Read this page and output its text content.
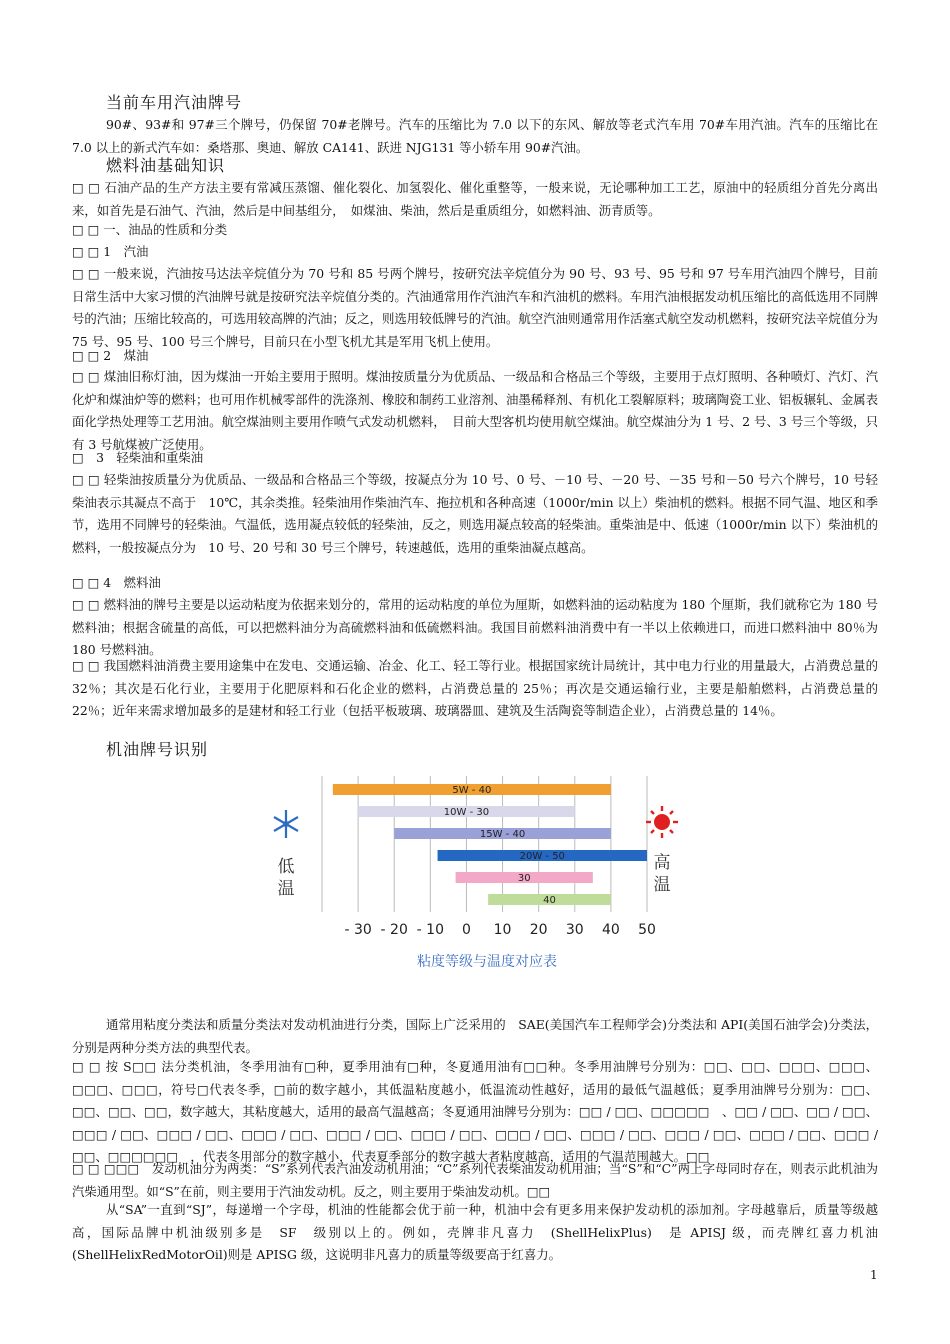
当前车用汽油牌号

90#、93#和 97#三个牌号，仍保留 70#老牌号。汽车的压缩比为 7.0 以下的东风、解放等老式汽车用 70#车用汽油。汽车的压缩比在 7.0 以上的新式汽车如：桑塔那、奥迪、解放 CA141、跃进 NJG131 等小轿车用 90#汽油。

燃料油基础知识

□ □ 石油产品的生产方法主要有常减压蒸馏、催化裂化、加氢裂化、催化重整等，一般来说，无论哪种加工工艺，原油中的轻质组分首先分离出来，如首先是石油气、汽油，然后是中间基组分，　如煤油、柴油，然后是重质组分，如燃料油、沥青质等。

□ □ 一、油品的性质和分类

□ □ 1　汽油

□ □ 一般来说，汽油按马达法辛烷值分为 70 号和 85 号两个牌号，按研究法辛烷值分为 90 号、93 号、95 号和 97 号车用汽油四个牌号，目前日常生活中大家习惯的汽油牌号就是按研究法辛烷值分类的。汽油通常用作汽油汽车和汽油机的燃料。车用汽油根据发动机压缩比的高低选用不同牌号的汽油；压缩比较高的，可选用较高牌的汽油；反之，则选用较低牌号的汽油。航空汽油则通常用作活塞式航空发动机燃料，按研究法辛烷值分为 75 号、95 号、100 号三个牌号，目前只在小型飞机尤其是军用飞机上使用。

□ □ 2　煤油

□ □ 煤油旧称灯油，因为煤油一开始主要用于照明。煤油按质量分为优质品、一级品和合格品三个等级，主要用于点灯照明、各种喷灯、汽灯、汽化炉和煤油炉等的燃料；也可用作机械零部件的洗涤剂、橡胶和制药工业溶剂、油墨稀释剂、有机化工裂解原料；玻璃陶瓷工业、铝板辗轧、金属表面化学热处理等工艺用油。航空煤油则主要用作喷气式发动机燃料，　目前大型客机均使用航空煤油。航空煤油分为 1 号、2 号、3 号三个等级，只有 3 号航煤被广泛使用。

□　3　轻柴油和重柴油

□ □ 轻柴油按质量分为优质品、一级品和合格品三个等级，按凝点分为 10 号、0 号、－10 号、－20 号、－35 号和－50 号六个牌号，10 号轻柴油表示其凝点不高于　10℃，其余类推。轻柴油用作柴油汽车、拖拉机和各种高速（1000r/min 以上）柴油机的燃料。根据不同气温、地区和季节，选用不同牌号的轻柴油。气温低，选用凝点较低的轻柴油，反之，则选用凝点较高的轻柴油。重柴油是中、低速（1000r/min 以下）柴油机的燃料，一般按凝点分为　10 号、20 号和 30 号三个牌号，转速越低，选用的重柴油凝点越高。

□ □ 4　燃料油

□ □ 燃料油的牌号主要是以运动粘度为依据来划分的，常用的运动粘度的单位为厘斯，如燃料油的运动粘度为 180 个厘斯，我们就称它为 180 号燃料油；根据含硫量的高低，可以把燃料油分为高硫燃料油和低硫燃料油。我国目前燃料油消费中有一半以上依赖进口，而进口燃料油中 80％为 180 号燃料油。

□ □ 我国燃料油消费主要用途集中在发电、交通运输、冶金、化工、轻工等行业。根据国家统计局统计，其中电力行业的用量最大，占消费总量的 32％；其次是石化行业，主要用于化肥原料和石化企业的燃料，占消费总量的 25％；再次是交通运输行业，主要是船舶燃料，占消费总量的 22％；近年来需求增加最多的是建材和轻工行业（包括平板玻璃、玻璃器皿、建筑及生活陶瓷等制造企业），占消费总量的 14％。

机油牌号识别
5W - 40
10W - 30
15W - 40
20W - 50
30
40
- 30 - 20 - 10 0 10 20 30 40 50
粘度等级与温度对应表
低
温
高
温

通常用粘度分类法和质量分类法对发动机油进行分类，国际上广泛采用的　SAE(美国汽车工程师学会)分类法和 API(美国石油学会)分类法，分别是两种分类方法的典型代表。

□ □ 按 S□□ 法分类机油，冬季用油有□种，夏季用油有□种，冬夏通用油有□□种。冬季用油牌号分别为：□□、□□、□□□、□□□、□□□、□□□，符号□代表冬季，□前的数字越小，其低温粘度越小，低温流动性越好，适用的最低气温越低；夏季用油牌号分别为：□□、□□、□□、□□，数字越大，其粘度越大，适用的最高气温越高；冬夏通用油牌号分别为：□□ / □□、□□□□□　、□□ / □□、□□ / □□、□□□ / □□、□□□ / □□、□□□ / □□、□□□ / □□、□□□ / □□、□□□ / □□、□□□ / □□、□□□ / □□、□□□ / □□、□□□ / □□、□□□□□□　，代表冬用部分的数字越小，代表夏季部分的数字越大者粘度越高，适用的气温范围越大。□□

□ □ □□□　发动机油分为两类：“S”系列代表汽油发动机用油；“C”系列代表柴油发动机用油；当“S”和“C”两上字母同时存在，则表示此机油为汽柴通用型。如“S”在前，则主要用于汽油发动机。反之，则主要用于柴油发动机。□□

从“SA”一直到“SJ”，每递增一个字母，机油的性能都会优于前一种，机油中会有更多用来保护发动机的添加剂。字母越靠后，质量等级越高，国际品牌中机油级别多是　SF　级别以上的。例如，壳牌非凡喜力　(ShellHelixPlus)　是 APISJ 级，而壳牌红喜力机油(ShellHelixRedMotorOil)则是 APISG 级，这说明非凡喜力的质量等级要高于红喜力。

1
